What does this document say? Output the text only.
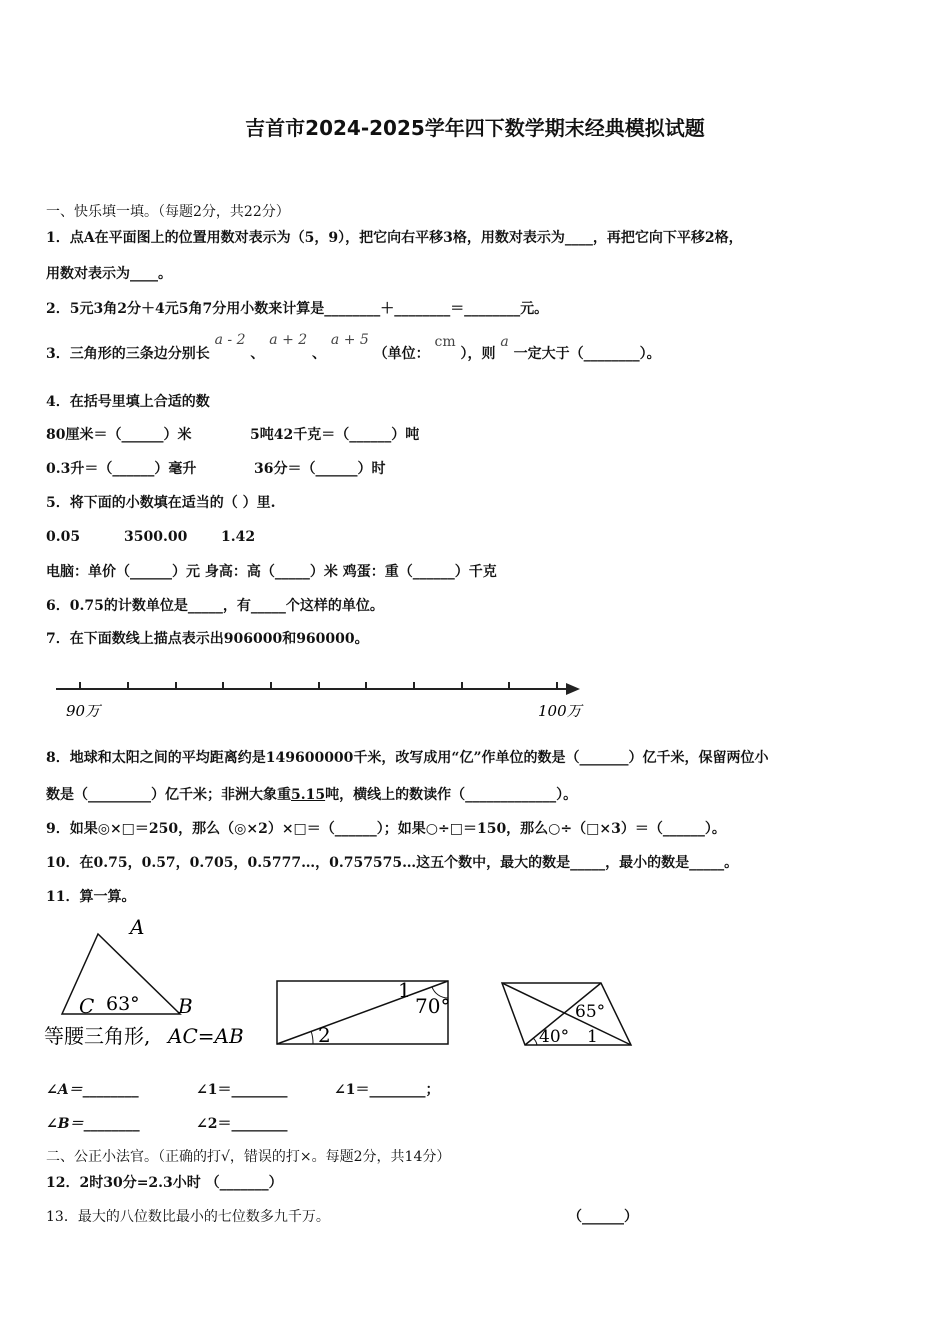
吉首市2024-2025学年四下数学期末经典模拟试题
一、快乐填一填。（每题2分，共22分）
1．点A在平面图上的位置用数对表示为（5，9），把它向右平移3格，用数对表示为____，再把它向下平移2格，
用数对表示为____。
2．5元3角2分＋4元5角7分用小数来计算是________＋________＝________元。
3．三角形的三条边分别长 a - 2 、 a + 2 、 a + 5 （单位： cm ），则 a 一定大于（________）。
4．在括号里填上合适的数
80厘米＝（______）米	5吨42千克＝（______）吨
0.3升＝（______）毫升	36分＝（______）时
5．将下面的小数填在适当的（ ）里.
0.05	3500.00 1.42
电脑：单价（______）元 身高：高（_____）米 鸡蛋：重（______）千克
6．0.75的计数单位是_____，有_____个这样的单位。
7．在下面数线上描点表示出906000和960000。
90万	100万
8．地球和太阳之间的平均距离约是149600000千米，改写成用“亿”作单位的数是（_______）亿千米，保留两位小
数是（_________）亿千米；非洲大象重5.15吨，横线上的数读作（_____________）。
9．如果◎×□＝250，那么（◎×2）×□＝（______）；如果○÷□＝150，那么○÷（□×3）＝（______）。
10．在0.75，0.57，0.705，0.5777…，0.757575…这五个数中，最大的数是_____，最小的数是_____。
11．算一算。
A
C	B
63°
等腰三角形, AC=AB	2
1
70°	65°
40° 1
∠A＝________	∠1＝________	∠1＝________；
∠B＝________	∠2＝________
二、公正小法官。（正确的打√，错误的打×。每题2分，共14分）
12．2时30分=2.3小时 （_______）
13．最大的八位数比最小的七位数多九千万。	（______）
